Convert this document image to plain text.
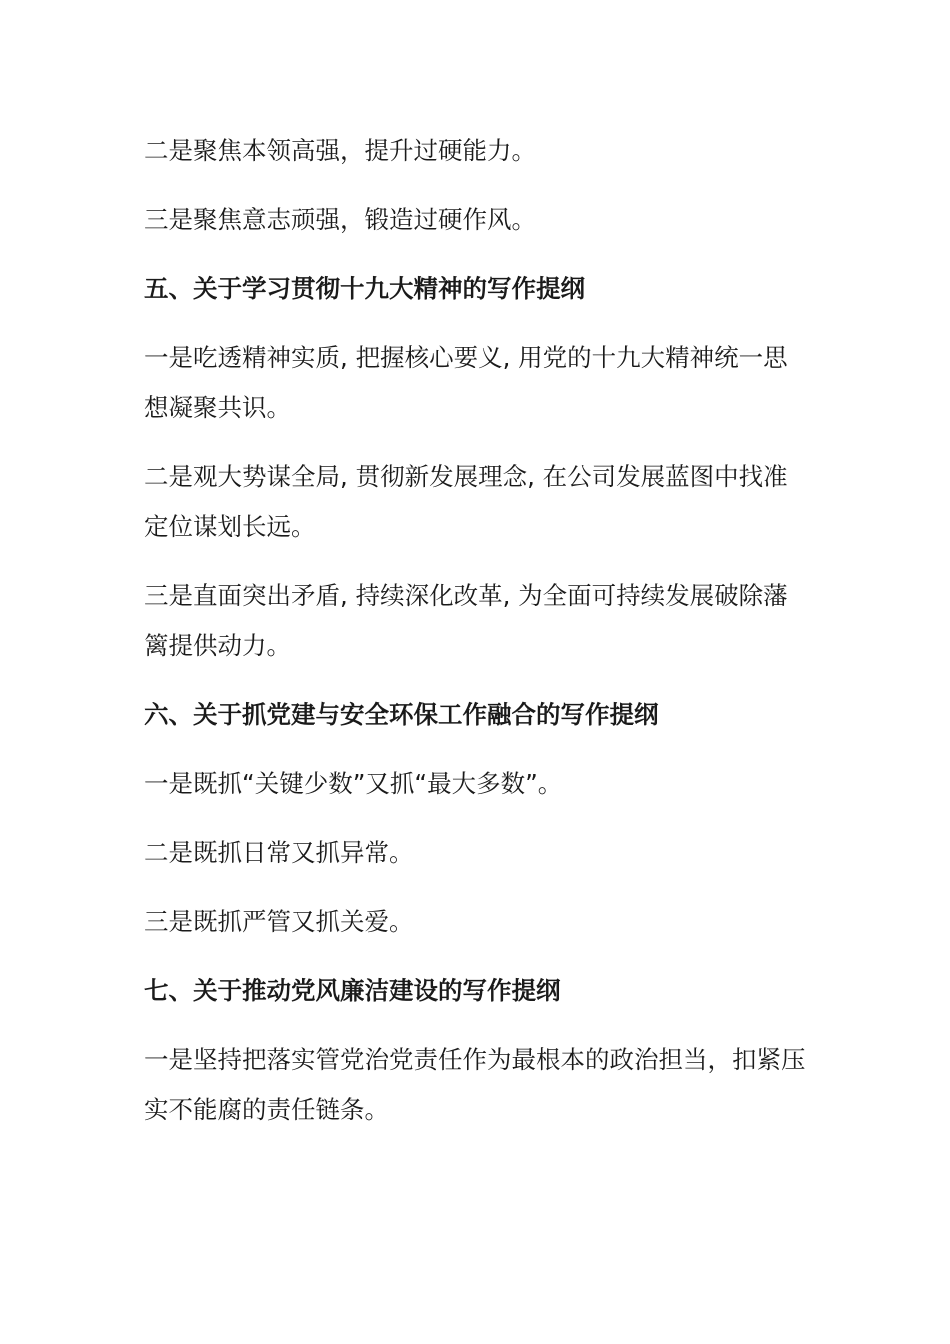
二是聚焦本领高强，提升过硬能力。

三是聚焦意志顽强，锻造过硬作风。

五、关于学习贯彻十九大精神的写作提纲

一是吃透精神实质, 把握核心要义, 用党的十九大精神统一思想凝聚共识。

二是观大势谋全局, 贯彻新发展理念, 在公司发展蓝图中找准定位谋划长远。

三是直面突出矛盾, 持续深化改革, 为全面可持续发展破除藩篱提供动力。

六、关于抓党建与安全环保工作融合的写作提纲

一是既抓“关键少数”又抓“最大多数”。

二是既抓日常又抓异常。

三是既抓严管又抓关爱。

七、关于推动党风廉洁建设的写作提纲

一是坚持把落实管党治党责任作为最根本的政治担当，扣紧压实不能腐的责任链条。
